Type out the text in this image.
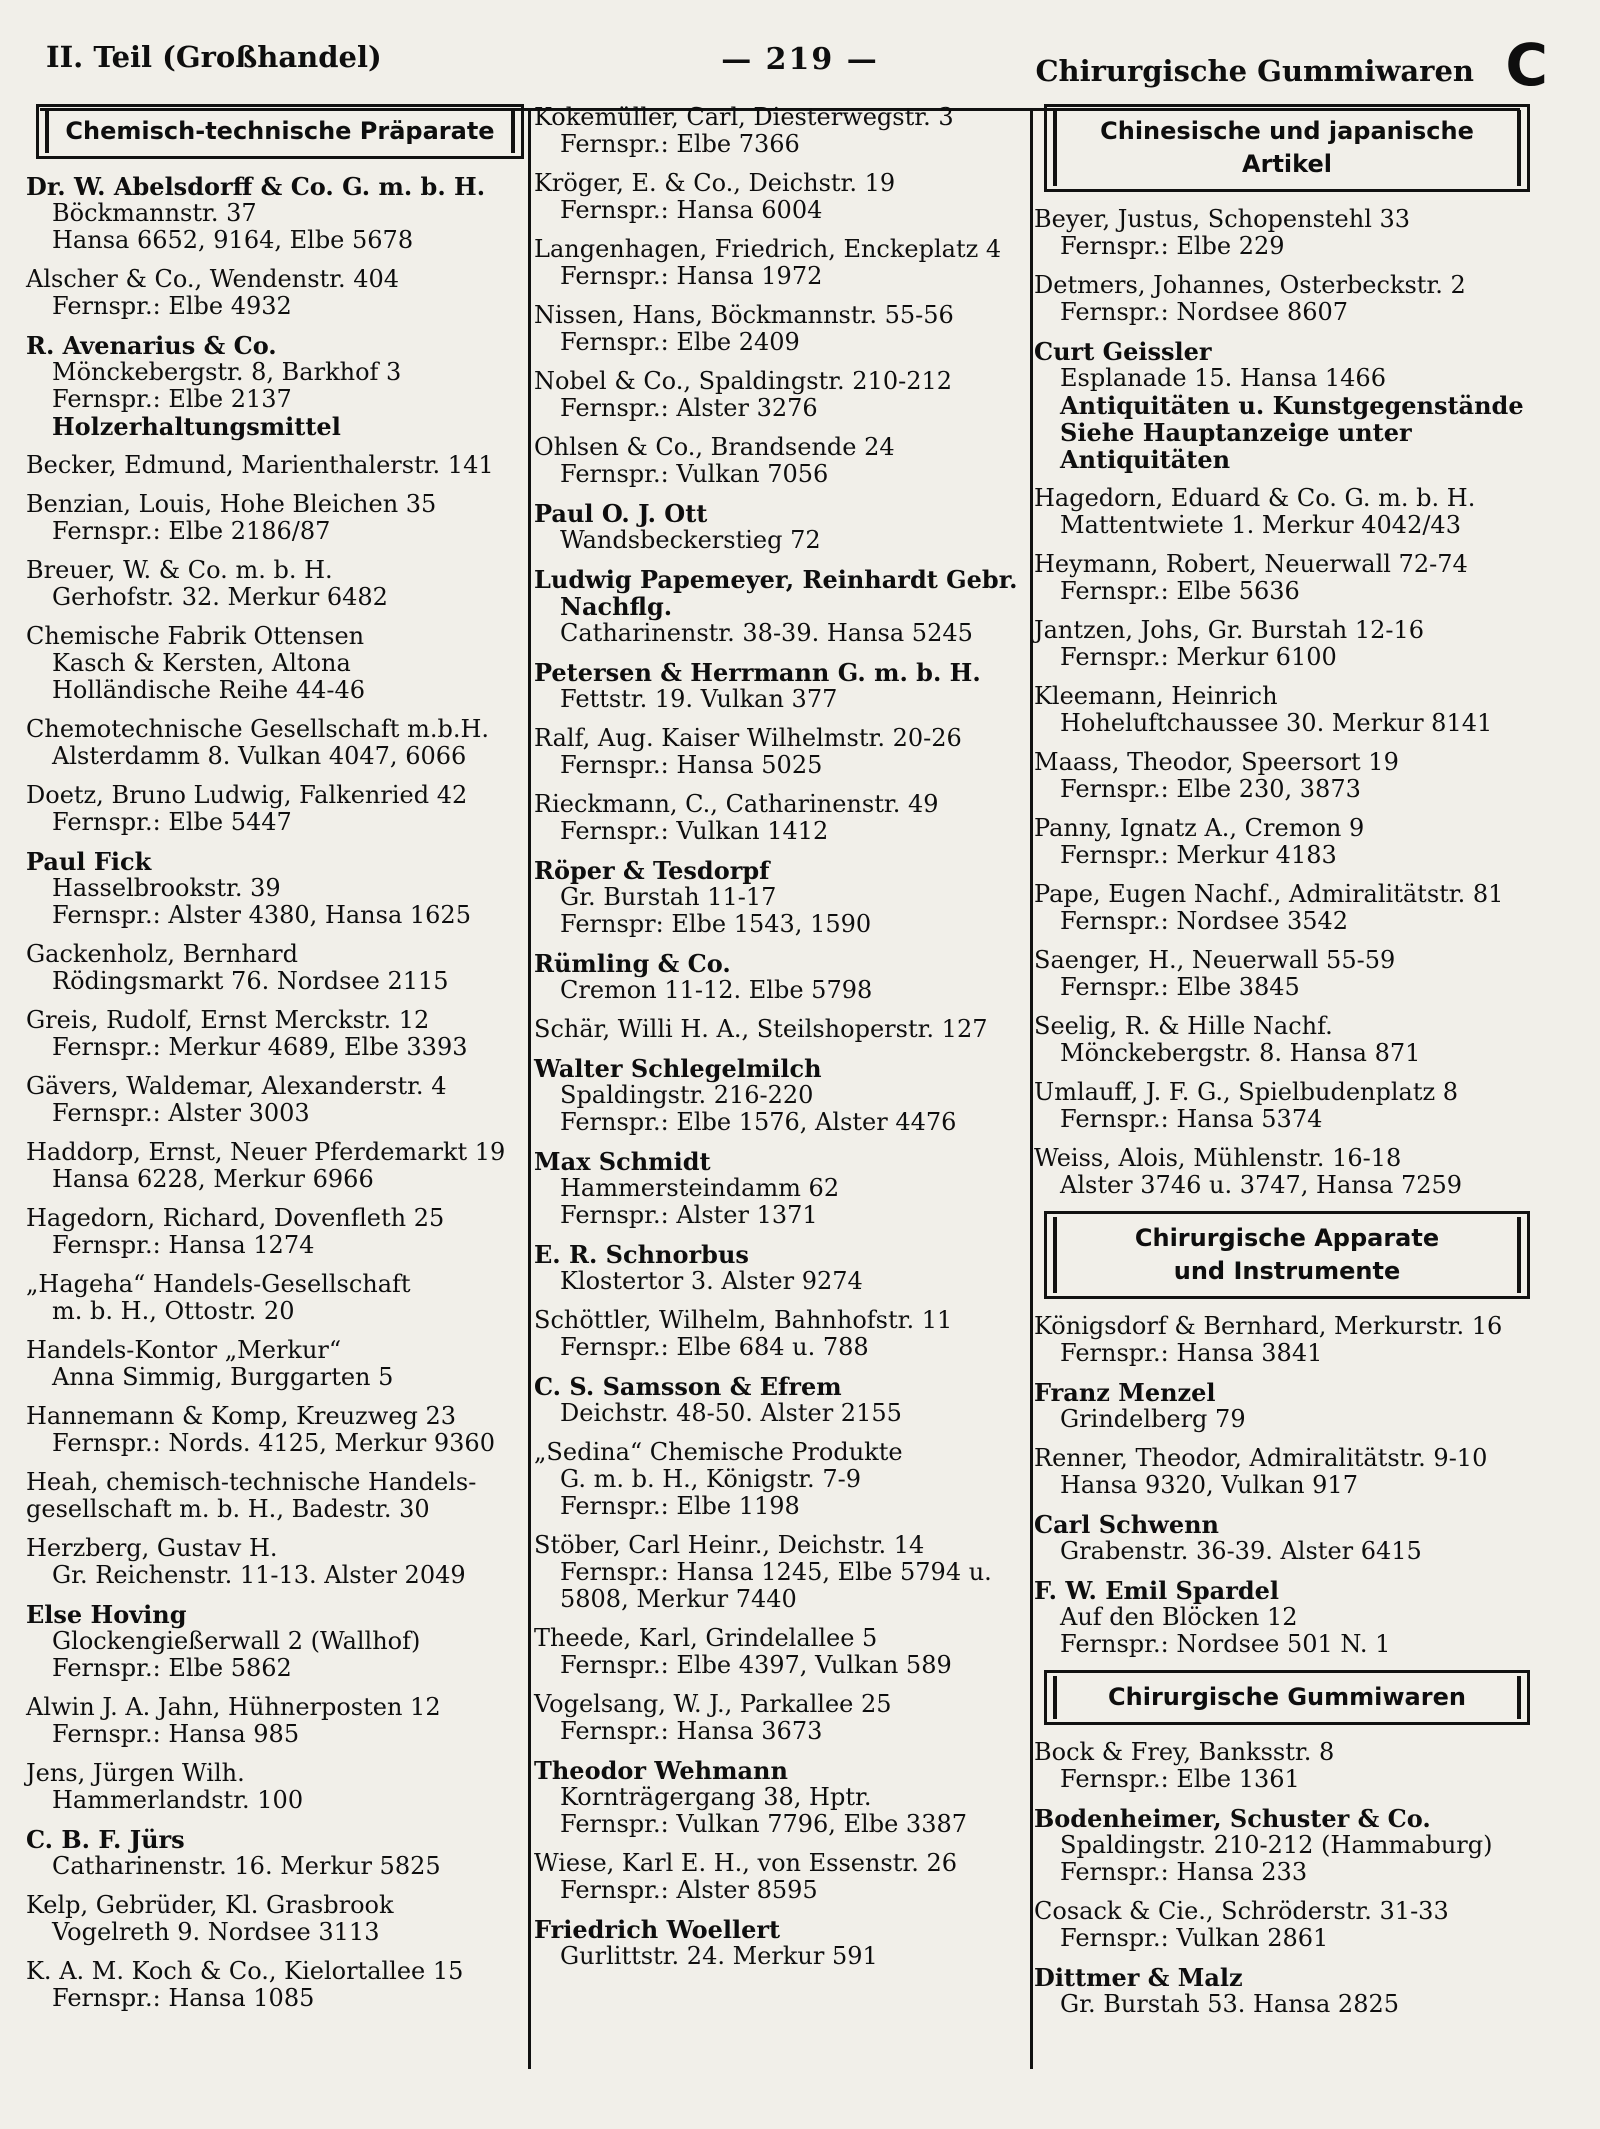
II. Teil (Großhandel)	— 219 —	Chirurgische Gummiwaren C
Chemisch-technische Präparate
Dr. W. Abelsdorff & Co. G. m. b. H.
Böckmannstr. 37
Hansa 6652, 9164, Elbe 5678
Alscher & Co., Wendenstr. 404
Fernspr.: Elbe 4932
R. Avenarius & Co.
Mönckebergstr. 8, Barkhof 3
Fernspr.: Elbe 2137
Holzerhaltungsmittel
Becker, Edmund, Marienthalerstr. 141
Benzian, Louis, Hohe Bleichen 35
Fernspr.: Elbe 2186/87
Breuer, W. & Co. m. b. H.
Gerhofstr. 32. Merkur 6482
Chemische Fabrik Ottensen
Kasch & Kersten, Altona
Holländische Reihe 44-46
Chemotechnische Gesellschaft m.b.H.
Alsterdamm 8. Vulkan 4047, 6066
Doetz, Bruno Ludwig, Falkenried 42
Fernspr.: Elbe 5447
Paul Fick
Hasselbrookstr. 39
Fernspr.: Alster 4380, Hansa 1625
Gackenholz, Bernhard
Rödingsmarkt 76. Nordsee 2115
Greis, Rudolf, Ernst Merckstr. 12
Fernspr.: Merkur 4689, Elbe 3393
Gävers, Waldemar, Alexanderstr. 4
Fernspr.: Alster 3003
Haddorp, Ernst, Neuer Pferdemarkt 19
Hansa 6228, Merkur 6966
Hagedorn, Richard, Dovenfleth 25
Fernspr.: Hansa 1274
„Hageha“ Handels-Gesellschaft
m. b. H., Ottostr. 20
Handels-Kontor „Merkur“
Anna Simmig, Burggarten 5
Hannemann & Komp, Kreuzweg 23
Fernspr.: Nords. 4125, Merkur 9360
Heah, chemisch-technische Handels-
gesellschaft m. b. H., Badestr. 30
Herzberg, Gustav H.
Gr. Reichenstr. 11-13. Alster 2049
Else Hoving
Glockengießerwall 2 (Wallhof)
Fernspr.: Elbe 5862
Alwin J. A. Jahn, Hühnerposten 12
Fernspr.: Hansa 985
Jens, Jürgen Wilh.
Hammerlandstr. 100
C. B. F. Jürs
Catharinenstr. 16. Merkur 5825
Kelp, Gebrüder, Kl. Grasbrook
Vogelreth 9. Nordsee 3113
K. A. M. Koch & Co., Kielortallee 15
Fernspr.: Hansa 1085
Kokemüller, Carl, Diesterwegstr. 3
Fernspr.: Elbe 7366
Kröger, E. & Co., Deichstr. 19
Fernspr.: Hansa 6004
Langenhagen, Friedrich, Enckeplatz 4
Fernspr.: Hansa 1972
Nissen, Hans, Böckmannstr. 55-56
Fernspr.: Elbe 2409
Nobel & Co., Spaldingstr. 210-212
Fernspr.: Alster 3276
Ohlsen & Co., Brandsende 24
Fernspr.: Vulkan 7056
Paul O. J. Ott
Wandsbeckerstieg 72
Ludwig Papemeyer, Reinhardt Gebr.
Nachflg.
Catharinenstr. 38-39. Hansa 5245
Petersen & Herrmann G. m. b. H.
Fettstr. 19. Vulkan 377
Ralf, Aug. Kaiser Wilhelmstr. 20-26
Fernspr.: Hansa 5025
Rieckmann, C., Catharinenstr. 49
Fernspr.: Vulkan 1412
Röper & Tesdorpf
Gr. Burstah 11-17
Fernspr: Elbe 1543, 1590
Rümling & Co.
Cremon 11-12. Elbe 5798
Schär, Willi H. A., Steilshoperstr. 127
Walter Schlegelmilch
Spaldingstr. 216-220
Fernspr.: Elbe 1576, Alster 4476
Max Schmidt
Hammersteindamm 62
Fernspr.: Alster 1371
E. R. Schnorbus
Klostertor 3. Alster 9274
Schöttler, Wilhelm, Bahnhofstr. 11
Fernspr.: Elbe 684 u. 788
C. S. Samsson & Efrem
Deichstr. 48-50. Alster 2155
„Sedina“ Chemische Produkte
G. m. b. H., Königstr. 7-9
Fernspr.: Elbe 1198
Stöber, Carl Heinr., Deichstr. 14
Fernspr.: Hansa 1245, Elbe 5794 u.
5808, Merkur 7440
Theede, Karl, Grindelallee 5
Fernspr.: Elbe 4397, Vulkan 589
Vogelsang, W. J., Parkallee 25
Fernspr.: Hansa 3673
Theodor Wehmann
Kornträgergang 38, Hptr.
Fernspr.: Vulkan 7796, Elbe 3387
Wiese, Karl E. H., von Essenstr. 26
Fernspr.: Alster 8595
Friedrich Woellert
Gurlittstr. 24. Merkur 591
Chinesische und japanische
Artikel
Beyer, Justus, Schopenstehl 33
Fernspr.: Elbe 229
Detmers, Johannes, Osterbeckstr. 2
Fernspr.: Nordsee 8607
Curt Geissler
Esplanade 15. Hansa 1466
Antiquitäten u. Kunstgegenstände
Siehe Hauptanzeige unter
Antiquitäten
Hagedorn, Eduard & Co. G. m. b. H.
Mattentwiete 1. Merkur 4042/43
Heymann, Robert, Neuerwall 72-74
Fernspr.: Elbe 5636
Jantzen, Johs, Gr. Burstah 12-16
Fernspr.: Merkur 6100
Kleemann, Heinrich
Hoheluftchaussee 30. Merkur 8141
Maass, Theodor, Speersort 19
Fernspr.: Elbe 230, 3873
Panny, Ignatz A., Cremon 9
Fernspr.: Merkur 4183
Pape, Eugen Nachf., Admiralitätstr. 81
Fernspr.: Nordsee 3542
Saenger, H., Neuerwall 55-59
Fernspr.: Elbe 3845
Seelig, R. & Hille Nachf.
Mönckebergstr. 8. Hansa 871
Umlauff, J. F. G., Spielbudenplatz 8
Fernspr.: Hansa 5374
Weiss, Alois, Mühlenstr. 16-18
Alster 3746 u. 3747, Hansa 7259
Chirurgische Apparate
und Instrumente
Königsdorf & Bernhard, Merkurstr. 16
Fernspr.: Hansa 3841
Franz Menzel
Grindelberg 79
Renner, Theodor, Admiralitätstr. 9-10
Hansa 9320, Vulkan 917
Carl Schwenn
Grabenstr. 36-39. Alster 6415
F. W. Emil Spardel
Auf den Blöcken 12
Fernspr.: Nordsee 501 N. 1
Chirurgische Gummiwaren
Bock & Frey, Banksstr. 8
Fernspr.: Elbe 1361
Bodenheimer, Schuster & Co.
Spaldingstr. 210-212 (Hammaburg)
Fernspr.: Hansa 233
Cosack & Cie., Schröderstr. 31-33
Fernspr.: Vulkan 2861
Dittmer & Malz
Gr. Burstah 53. Hansa 2825
